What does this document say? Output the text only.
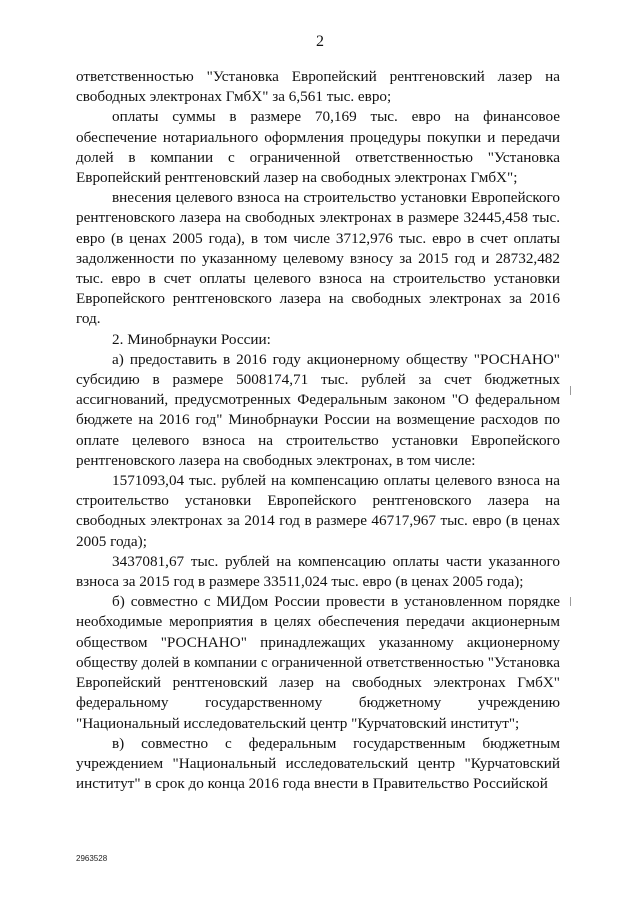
2

ответственностью "Установка Европейский рентгеновский лазер на свободных электронах ГмбХ" за 6,561 тыс. евро;

оплаты суммы в размере 70,169 тыс. евро на финансовое обеспечение нотариального оформления процедуры покупки и передачи долей в компании с ограниченной ответственностью "Установка Европейский рентгеновский лазер на свободных электронах ГмбХ";

внесения целевого взноса на строительство установки Европейского рентгеновского лазера на свободных электронах в размере 32445,458 тыс. евро (в ценах 2005 года), в том числе 3712,976 тыс. евро в счет оплаты задолженности по указанному целевому взносу за 2015 год и 28732,482 тыс. евро в счет оплаты целевого взноса на строительство установки Европейского рентгеновского лазера на свободных электронах за 2016 год.

2. Минобрнауки России:

а) предоставить в 2016 году акционерному обществу "РОСНАНО" субсидию в размере 5008174,71 тыс. рублей за счет бюджетных ассигнований, предусмотренных Федеральным законом "О федеральном бюджете на 2016 год" Минобрнауки России на возмещение расходов по оплате целевого взноса на строительство установки Европейского рентгеновского лазера на свободных электронах, в том числе:

1571093,04 тыс. рублей на компенсацию оплаты целевого взноса на строительство установки Европейского рентгеновского лазера на свободных электронах за 2014 год в размере 46717,967 тыс. евро (в ценах 2005 года);

3437081,67 тыс. рублей на компенсацию оплаты части указанного взноса за 2015 год в размере 33511,024 тыс. евро (в ценах 2005 года);

б) совместно с МИДом России провести в установленном порядке необходимые мероприятия в целях обеспечения передачи акционерным обществом "РОСНАНО" принадлежащих указанному акционерному обществу долей в компании с ограниченной ответственностью "Установка Европейский рентгеновский лазер на свободных электронах ГмбХ" федеральному государственному бюджетному учреждению "Национальный исследовательский центр "Курчатовский институт";

в) совместно с федеральным государственным бюджетным учреждением "Национальный исследовательский центр "Курчатовский институт" в срок до конца 2016 года внести в Правительство Российской

2963528
